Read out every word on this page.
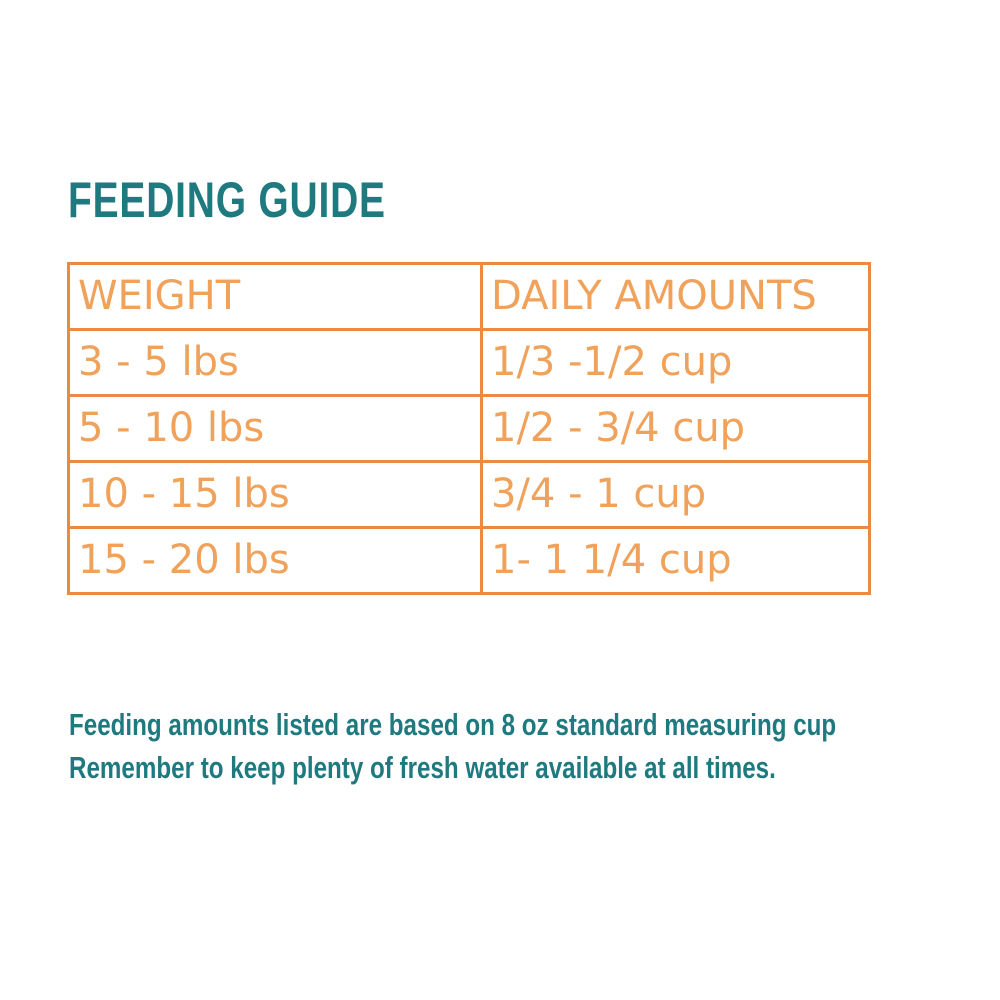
FEEDING GUIDE
WEIGHT	DAILY AMOUNTS
3 - 5 lbs	1/3 -1/2 cup
5 - 10 lbs	1/2 - 3/4 cup
10 - 15 lbs	3/4 - 1 cup
15 - 20 lbs	1- 1 1/4 cup

Feeding amounts listed are based on 8 oz standard measuring cup

Remember to keep plenty of fresh water available at all times.
